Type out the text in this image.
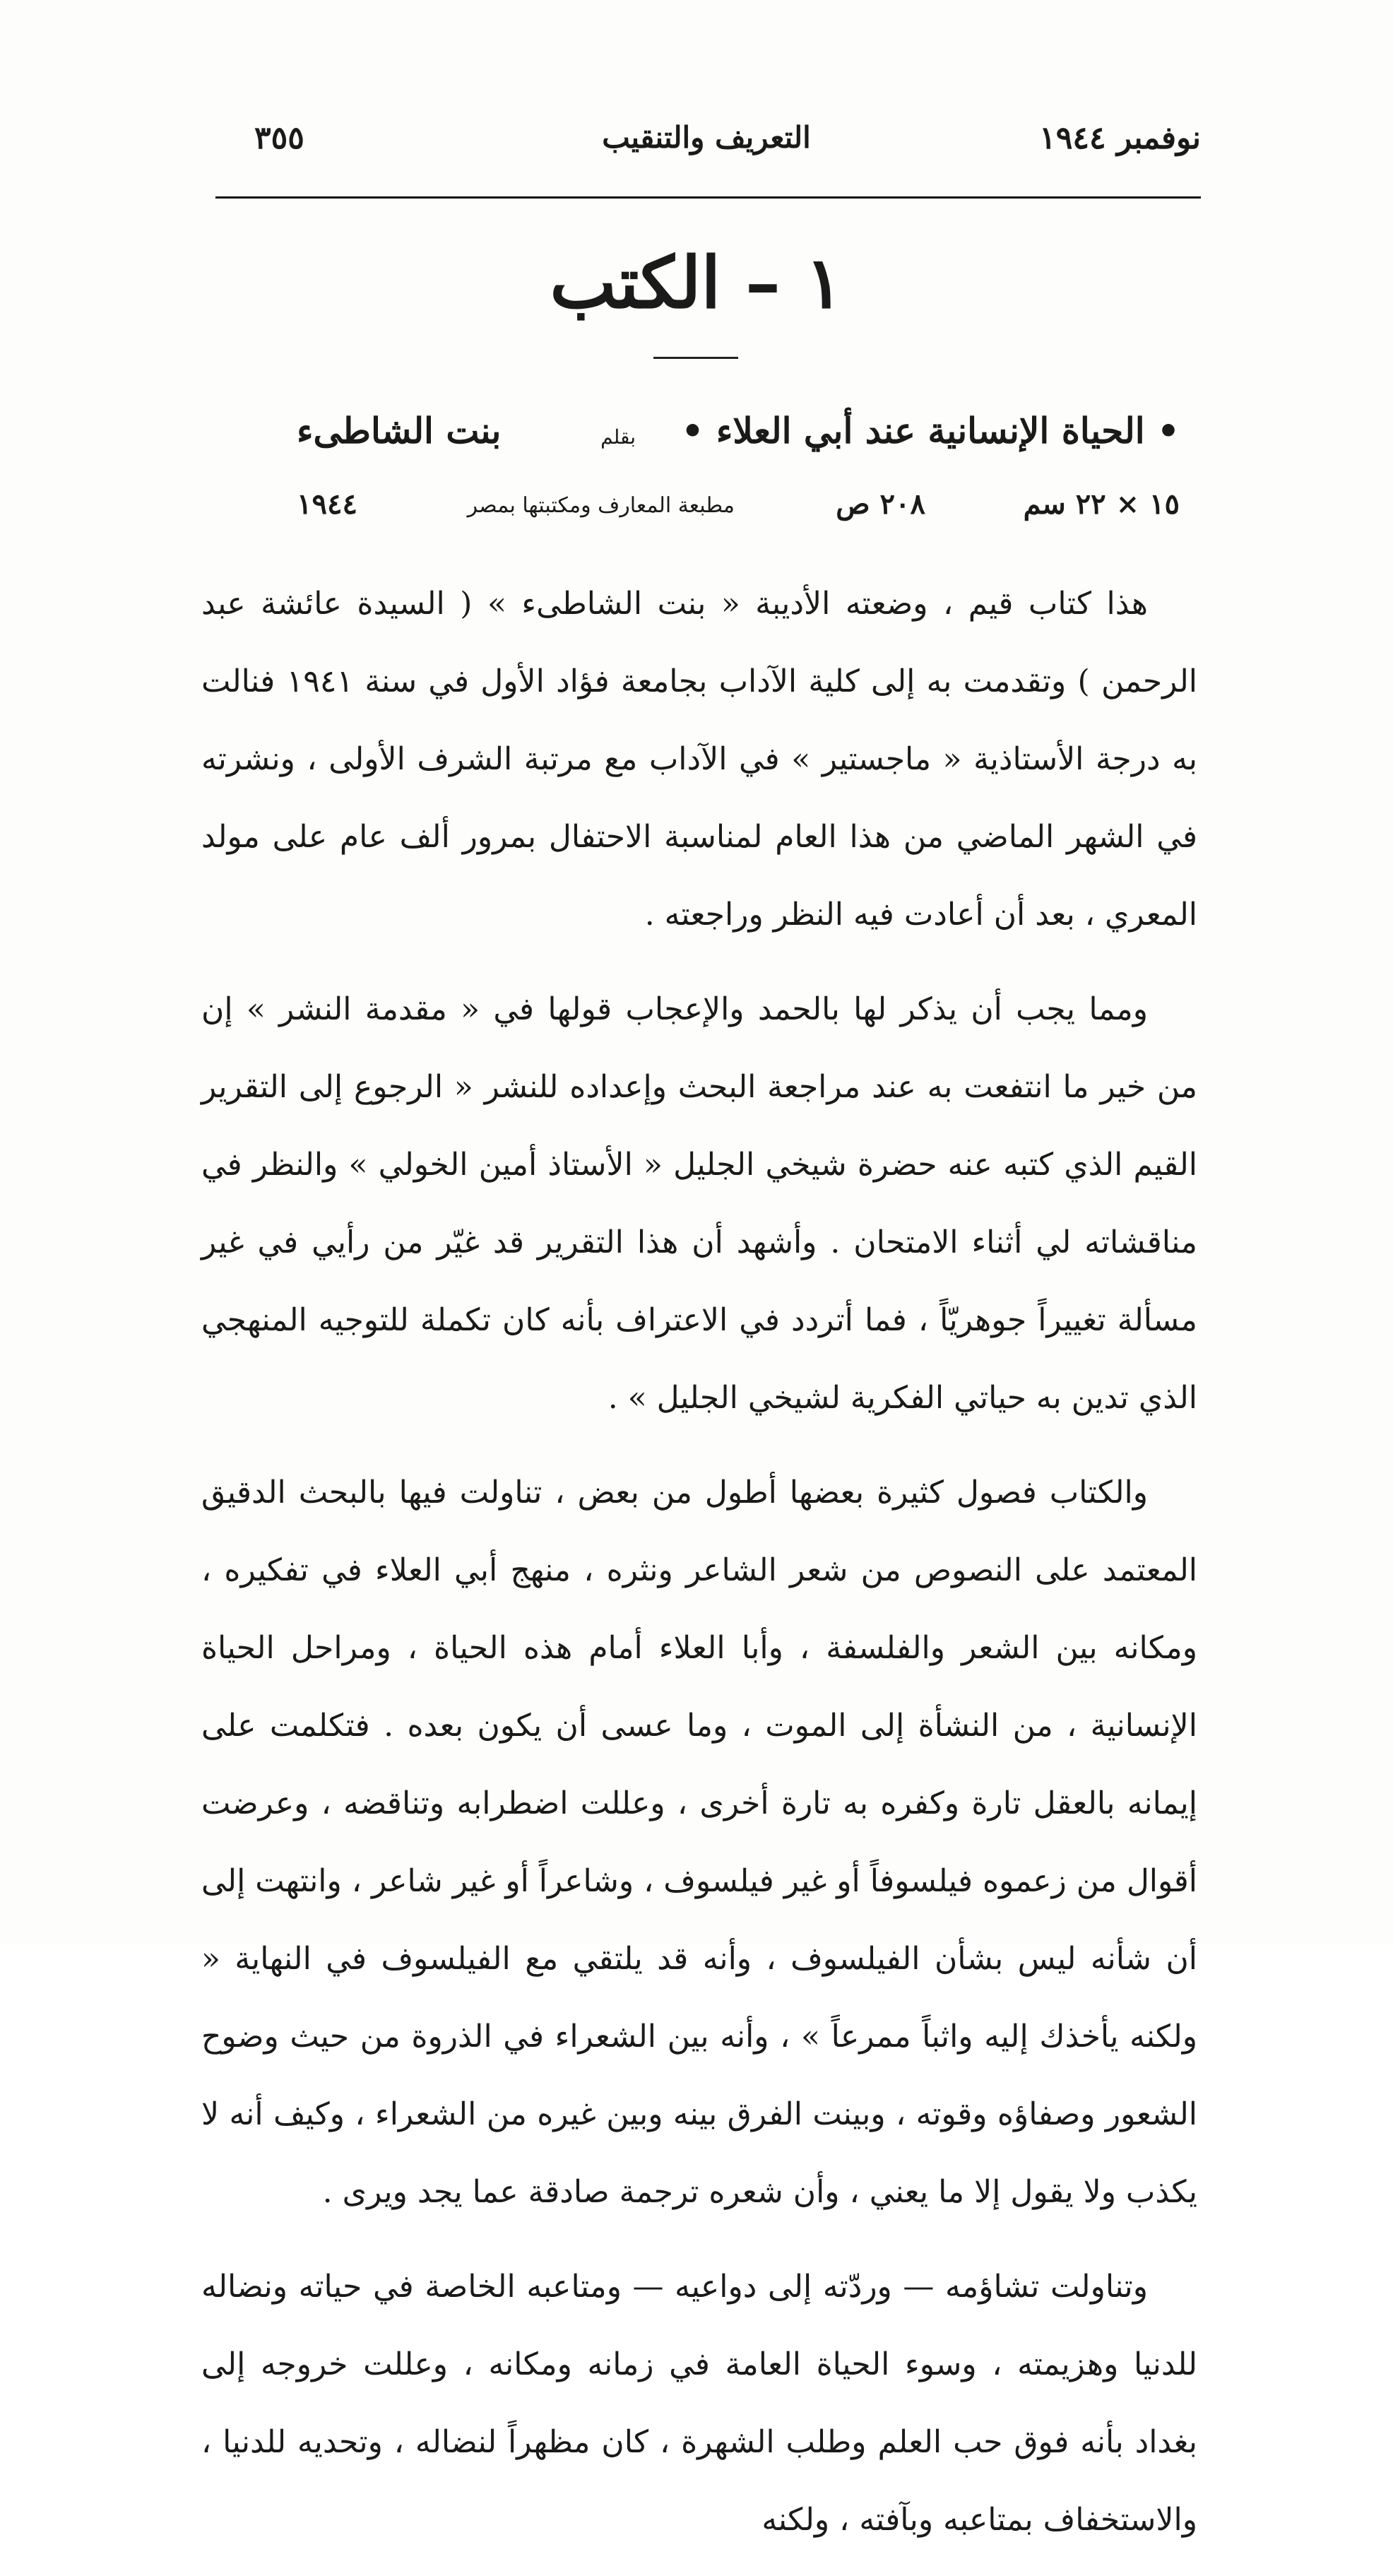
نوفمبر ١٩٤٤
التعريف والتنقيب
٣٥٥
١ – الكتب
• الحياة الإنسانية عند أبي العلاء •
بقلم
بنت الشاطىء
١٥ × ٢٢ سم
٢٠٨ ص
مطبعة المعارف ومكتبتها بمصر
١٩٤٤

هذا كتاب قيم ، وضعته الأديبة « بنت الشاطىء » ( السيدة عائشة عبد الرحمن ) وتقدمت به إلى كلية الآداب بجامعة فؤاد الأول في سنة ١٩٤١ فنالت به درجة الأستاذية « ماجستير » في الآداب مع مرتبة الشرف الأولى ، ونشرته في الشهر الماضي من هذا العام لمناسبة الاحتفال بمرور ألف عام على مولد المعري ، بعد أن أعادت فيه النظر وراجعته .

ومما يجب أن يذكر لها بالحمد والإعجاب قولها في « مقدمة النشر » إن من خير ما انتفعت به عند مراجعة البحث وإعداده للنشر « الرجوع إلى التقرير القيم الذي كتبه عنه حضرة شيخي الجليل « الأستاذ أمين الخولي » والنظر في مناقشاته لي أثناء الامتحان . وأشهد أن هذا التقرير قد غيّر من رأيي في غير مسألة تغييراً جوهريّاً ، فما أتردد في الاعتراف بأنه كان تكملة للتوجيه المنهجي الذي تدين به حياتي الفكرية لشيخي الجليل » .

والكتاب فصول كثيرة بعضها أطول من بعض ، تناولت فيها بالبحث الدقيق المعتمد على النصوص من شعر الشاعر ونثره ، منهج أبي العلاء في تفكيره ، ومكانه بين الشعر والفلسفة ، وأبا العلاء أمام هذه الحياة ، ومراحل الحياة الإنسانية ، من النشأة إلى الموت ، وما عسى أن يكون بعده . فتكلمت على إيمانه بالعقل تارة وكفره به تارة أخرى ، وعللت اضطرابه وتناقضه ، وعرضت أقوال من زعموه فيلسوفاً أو غير فيلسوف ، وشاعراً أو غير شاعر ، وانتهت إلى أن شأنه ليس بشأن الفيلسوف ، وأنه قد يلتقي مع الفيلسوف في النهاية « ولكنه يأخذك إليه واثباً ممرعاً » ، وأنه بين الشعراء في الذروة من حيث وضوح الشعور وصفاؤه وقوته ، وبينت الفرق بينه وبين غيره من الشعراء ، وكيف أنه لا يكذب ولا يقول إلا ما يعني ، وأن شعره ترجمة صادقة عما يجد ويرى .

وتناولت تشاؤمه — وردّته إلى دواعيه — ومتاعبه الخاصة في حياته ونضاله للدنيا وهزيمته ، وسوء الحياة العامة في زمانه ومكانه ، وعللت خروجه إلى بغداد بأنه فوق حب العلم وطلب الشهرة ، كان مظهراً لنضاله ، وتحديه للدنيا ، والاستخفاف بمتاعبه وبآفته ، ولكنه
